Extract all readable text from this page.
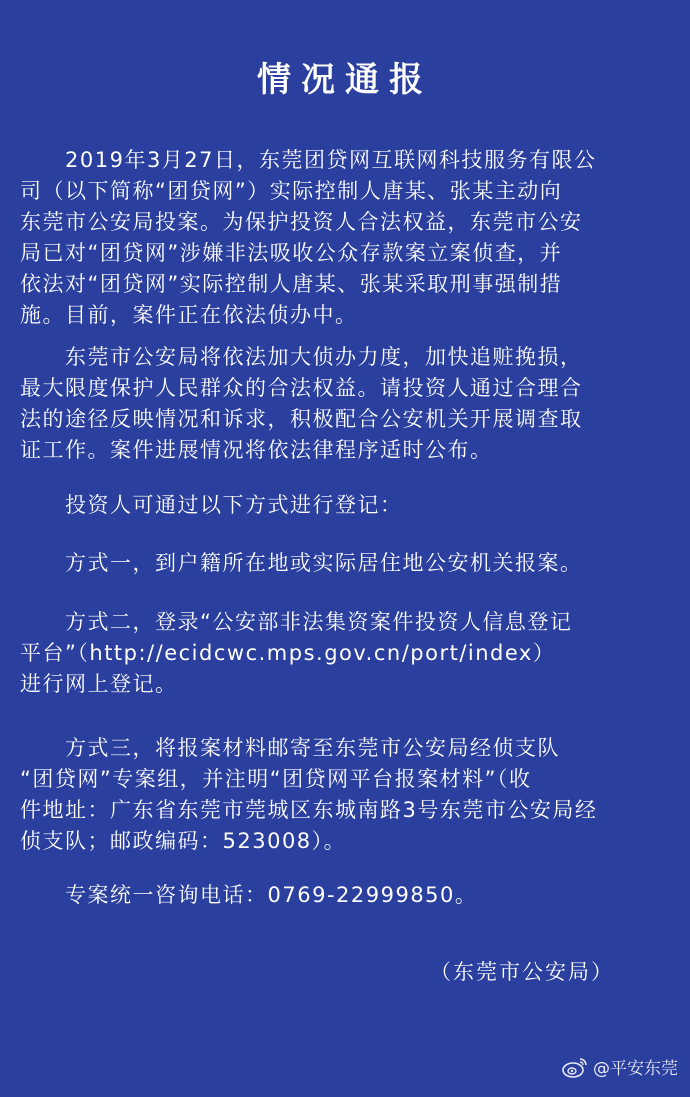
情况通报
　　2019年3月27日，东莞团贷网互联网科技服务有限公
司（以下简称“团贷网”）实际控制人唐某、张某主动向
东莞市公安局投案。为保护投资人合法权益，东莞市公安
局已对“团贷网”涉嫌非法吸收公众存款案立案侦查，并
依法对“团贷网”实际控制人唐某、张某采取刑事强制措
施。目前，案件正在依法侦办中。
　　东莞市公安局将依法加大侦办力度，加快追赃挽损，
最大限度保护人民群众的合法权益。请投资人通过合理合
法的途径反映情况和诉求，积极配合公安机关开展调查取
证工作。案件进展情况将依法律程序适时公布。
　　投资人可通过以下方式进行登记：
　　方式一，到户籍所在地或实际居住地公安机关报案。
　　方式二，登录“公安部非法集资案件投资人信息登记
平台”（http://ecidcwc.mps.gov.cn/port/index）
进行网上登记。
　　方式三，将报案材料邮寄至东莞市公安局经侦支队
“团贷网”专案组，并注明“团贷网平台报案材料”（收
件地址：广东省东莞市莞城区东城南路3号东莞市公安局经
侦支队；邮政编码：523008）。
　　专案统一咨询电话：0769-22999850。
（东莞市公安局）
@平安东莞
